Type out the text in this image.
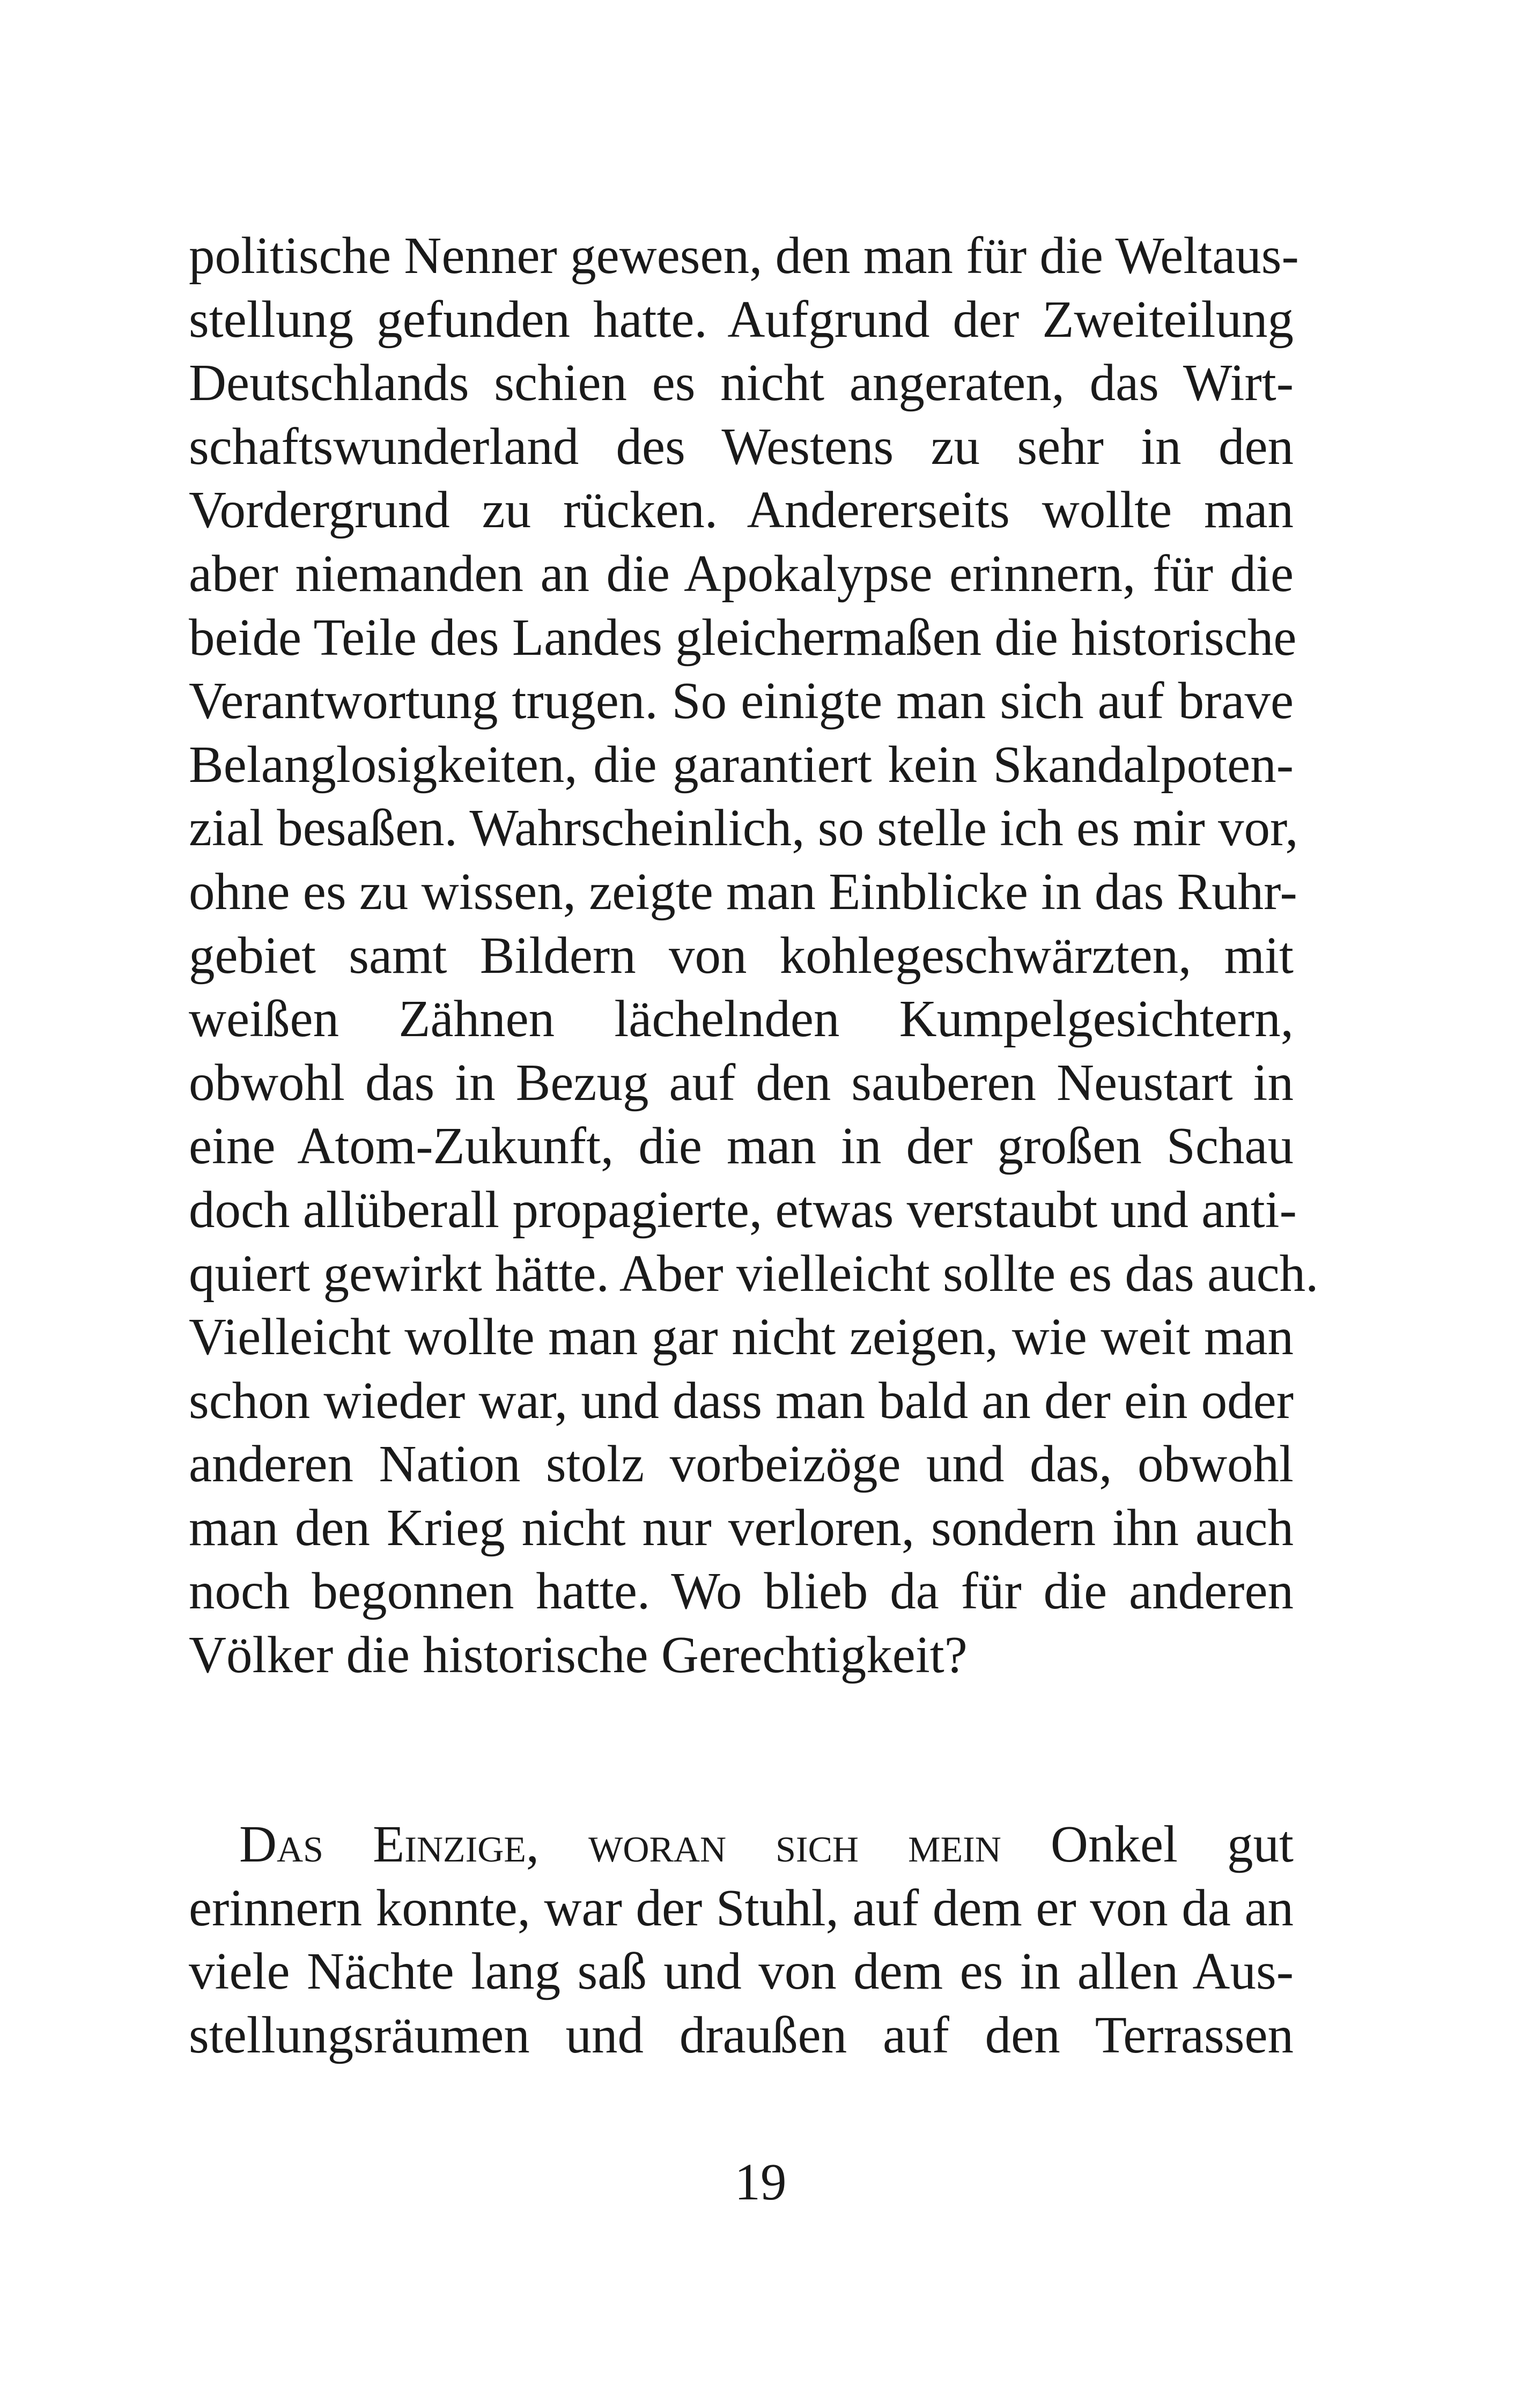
politische Nenner gewesen, den man für die Weltaus-
stellung gefunden hatte. Aufgrund der Zweiteilung
Deutschlands schien es nicht angeraten, das Wirt-
schaftswunderland des Westens zu sehr in den
Vordergrund zu rücken. Andererseits wollte man
aber niemanden an die Apokalypse erinnern, für die
beide Teile des Landes gleichermaßen die historische
Verantwortung trugen. So einigte man sich auf brave
Belanglosigkeiten, die garantiert kein Skandalpoten-
zial besaßen. Wahrscheinlich, so stelle ich es mir vor,
ohne es zu wissen, zeigte man Einblicke in das Ruhr-
gebiet samt Bildern von kohlegeschwärzten, mit
weißen Zähnen lächelnden Kumpelgesichtern,
obwohl das in Bezug auf den sauberen Neustart in
eine Atom-Zukunft, die man in der großen Schau
doch allüberall propagierte, etwas verstaubt und anti-
quiert gewirkt hätte. Aber vielleicht sollte es das auch.
Vielleicht wollte man gar nicht zeigen, wie weit man
schon wieder war, und dass man bald an der ein oder
anderen Nation stolz vorbeizöge und das, obwohl
man den Krieg nicht nur verloren, sondern ihn auch
noch begonnen hatte. Wo blieb da für die anderen
Völker die historische Gerechtigkeit?
Das Einzige, woran sich mein Onkel gut
erinnern konnte, war der Stuhl, auf dem er von da an
viele Nächte lang saß und von dem es in allen Aus-
stellungsräumen und draußen auf den Terrassen
19
